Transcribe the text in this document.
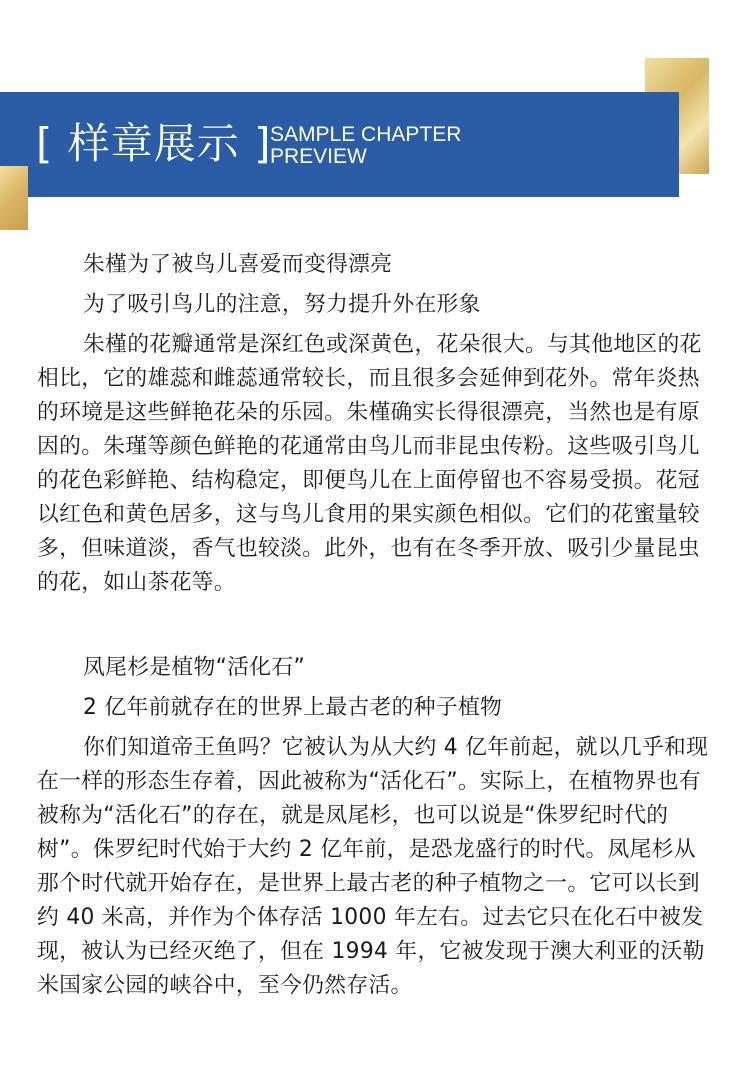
[ 样章展示 ]
SAMPLE CHAPTER
PREVIEW

朱槿为了被鸟儿喜爱而变得漂亮

为了吸引鸟儿的注意，努力提升外在形象

朱槿的花瓣通常是深红色或深黄色，花朵很大。与其他地区的花相比，它的雄蕊和雌蕊通常较长，而且很多会延伸到花外。常年炎热的环境是这些鲜艳花朵的乐园。朱槿确实长得很漂亮，当然也是有原因的。朱瑾等颜色鲜艳的花通常由鸟儿而非昆虫传粉。这些吸引鸟儿的花色彩鲜艳、结构稳定，即便鸟儿在上面停留也不容易受损。花冠以红色和黄色居多，这与鸟儿食用的果实颜色相似。它们的花蜜量较多，但味道淡，香气也较淡。此外，也有在冬季开放、吸引少量昆虫的花，如山茶花等。

凤尾杉是植物“活化石”

2 亿年前就存在的世界上最古老的种子植物

你们知道帝王鱼吗？它被认为从大约 4 亿年前起，就以几乎和现在一样的形态生存着，因此被称为“活化石”。实际上，在植物界也有被称为“活化石”的存在，就是凤尾杉，也可以说是“侏罗纪时代的树”。侏罗纪时代始于大约 2 亿年前，是恐龙盛行的时代。凤尾杉从那个时代就开始存在，是世界上最古老的种子植物之一。它可以长到约 40 米高，并作为个体存活 1000 年左右。过去它只在化石中被发现，被认为已经灭绝了，但在 1994 年，它被发现于澳大利亚的沃勒米国家公园的峡谷中，至今仍然存活。
